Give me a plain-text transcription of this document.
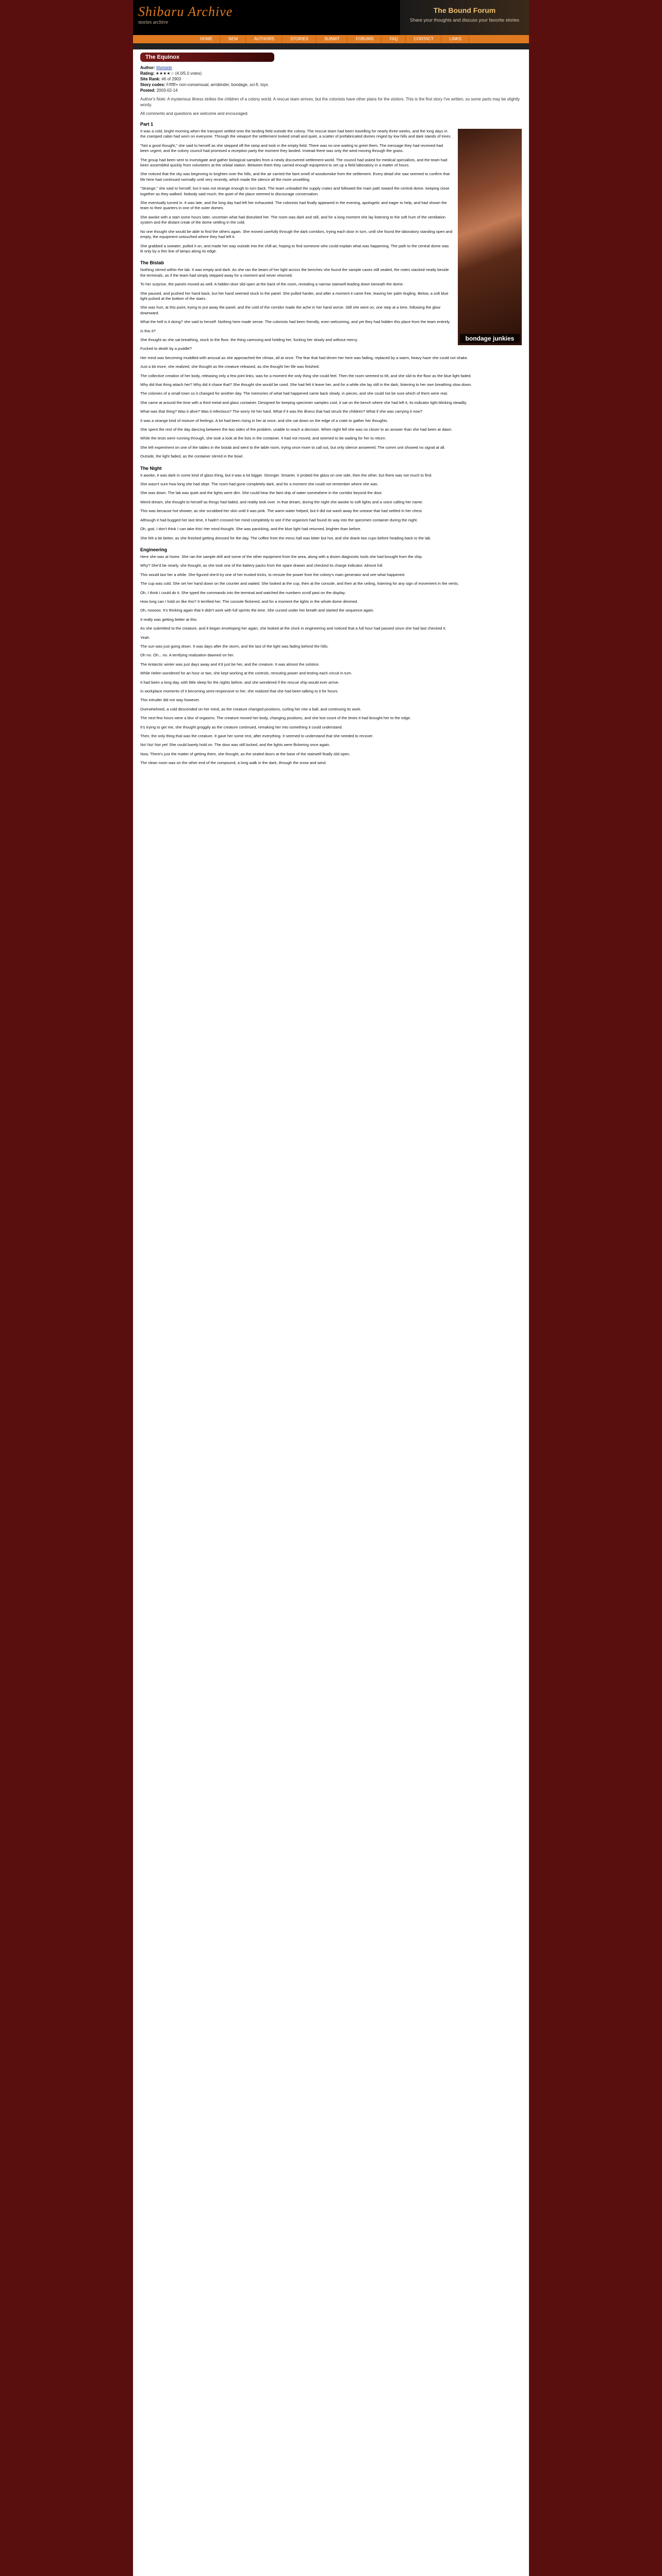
Shibaru Archive
stories archive
The Bound Forum
Share your thoughts and discuss your favorite stories
HOME	NEW	AUTHORS	STORIES	SUBMIT	FORUMS	FAQ	CONTACT	LINKS
The Equinox
Author: Marlaide
Rating: ★★★★☆ (4.0/5.0 votes)
Site Rank: #6 of 2903
Story codes: F/f/ff/+ non-consensual, armbinder, bondage, sci-fi, toys
Posted: 2003-02-14
Author's Note: A mysterious illness strikes the children of a colony world. A rescue team arrives, but the colonists have other plans for the visitors. This is the first story I've written, so some parts may be slightly wordy.
All comments and questions are welcome and encouraged.
Part 1
bondage junkies

It was a cold, bright morning when the transport settled onto the landing field outside the colony. The rescue team had been travelling for nearly three weeks, and the long days in the cramped cabin had worn on everyone. Through the viewport the settlement looked small and quiet, a scatter of prefabricated domes ringed by low hills and dark stands of trees.

"Not a good thought," she said to herself as she stepped off the ramp and took in the empty field. There was no one waiting to greet them. The message they had received had been urgent, and the colony council had promised a reception party the moment they landed. Instead there was only the wind moving through the grass.

The group had been sent to investigate and gather biological samples from a newly discovered settlement world. The council had asked for medical specialists, and the team had been assembled quickly from volunteers at the orbital station. Between them they carried enough equipment to set up a field laboratory in a matter of hours.

She noticed that the sky was beginning to brighten over the hills, and the air carried the faint smell of woodsmoke from the settlement. Every detail she saw seemed to confirm that life here had continued normally until very recently, which made the silence all the more unsettling.

"Strange," she said to herself, but it was not strange enough to turn back. The team unloaded the supply crates and followed the main path toward the central dome, keeping close together as they walked. Nobody said much; the quiet of the place seemed to discourage conversation.

She eventually turned in. It was late, and the long day had left her exhausted. The colonists had finally appeared in the evening, apologetic and eager to help, and had shown the team to their quarters in one of the outer domes.

She awoke with a start some hours later, uncertain what had disturbed her. The room was dark and still, and for a long moment she lay listening to the soft hum of the ventilation system and the distant creak of the dome settling in the cold.

No one thought she would be able to find the others again. She moved carefully through the dark corridors, trying each door in turn, until she found the laboratory standing open and empty, the equipment untouched where they had left it.

She grabbed a sweater, pulled it on, and made her way outside into the chill air, hoping to find someone who could explain what was happening. The path to the central dome was lit only by a thin line of lamps along its edge.

The Bistab

Nothing stirred within the lab. It was empty and dark. As she ran the beam of her light across the benches she found the sample cases still sealed, the notes stacked neatly beside the terminals, as if the team had simply stepped away for a moment and never returned.

To her surprise, the panels moved as well. A hidden door slid open at the back of the room, revealing a narrow stairwell leading down beneath the dome.

She paused, and pushed her hand back, but her hand seemed stuck to the panel. She pulled harder, and after a moment it came free, leaving her palm tingling. Below, a soft blue light pulsed at the bottom of the stairs.

She was hurt, at this point, trying to put away the panel, and the cold of the corridor made the ache in her hand worse. Still she went on, one step at a time, following the glow downward.

What the hell is it doing? she said to herself. Nothing here made sense. The colonists had been friendly, even welcoming, and yet they had hidden this place from the team entirely.

Is this it?

She thought as she sat breathing, stuck to the floor, the thing caressing and holding her, fucking her slowly and without mercy.

Fucked to death by a puddle?

Her mind was becoming muddled with arousal as she approached the climax, all at once. The fear that had driven her here was fading, replaced by a warm, heavy haze she could not shake.

Just a bit more, she realized, she thought as the creature released, as she thought her life was finished.

The collective creation of her body, releasing only a few joint links, was for a moment the only thing she could feel. Then the room seemed to tilt, and she slid to the floor as the blue light faded.

Why did that thing attach her? Why did it chase that? She thought she would be used. She had felt it leave her, and for a while she lay still in the dark, listening to her own breathing slow down.

The colonies of a small town so it changed for another day. The memories of what had happened came back slowly, in pieces, and she could not be sure which of them were real.

She came at around the time with a third metal and glass container. Designed for keeping specimen samples cool, it sat on the bench where she had left it, its indicator light blinking steadily.

What was that thing? Was it alive? Was it infectious? The worry hit her hard. What if it was the illness that had struck the children? What if she was carrying it now?

It was a strange kind of mixture of feelings. A lot had been rising in her at once, and she sat down on the edge of a crate to gather her thoughts.

She spent the rest of the day dancing between the two sides of the problem, unable to reach a decision. When night fell she was no closer to an answer than she had been at dawn.

While the tests were running through, she took a look at the lists in the container. It had not moved, and seemed to be waiting for her to return.

She left experiment on one of the tables in the bistab and went to the table room, trying once more to call out, but only silence answered. The comm unit showed no signal at all.

Outside, the light faded, as the container stirred in the bowl.

The Night

It awoke, it was dark in some kind of glass thing, but it was a lot bigger. Stronger. Smarter. It probed the glass on one side, then the other, but there was not much to find.

She wasn't sure how long she had slept. The room had gone completely dark, and for a moment she could not remember where she was.

She was down. The lab was quiet and the lights were dim. She could hear the faint drip of water somewhere in the corridor beyond the door.

Weird dream, she thought to herself as things had faded, and reality took over. In that dream, during the night she awoke to soft lights and a voice calling her name.

This was because hot shower, as she scrubbed her skin until it was pink. The warm water helped, but it did not wash away the unease that had settled in her chest.

Although it had bugged her last time, it hadn't crossed her mind completely to see if the organism had found its way into the specimen container during the night.

Oh, god, I don't think I can take this! Her mind thought. She was panicking, and the blue light had returned, brighter than before.

She felt a bit better, as she finished getting dressed for the day. The coffee from the mess hall was bitter but hot, and she drank two cups before heading back to the lab.

Engineering

Here she was at home. She ran the sample drill and some of the other equipment from the area, along with a dozen diagnostic tools she had brought from the ship.

Why? She'd be nearly, she thought, as she took one of the battery packs from the spare drawer and checked its charge indicator. Almost full.

This would last her a while. She figured she'd try one of her trusted tricks, to reroute the power from the colony's main generator and see what happened.

The cup was cold. She set her hand down on the counter and waited. She looked at the cup, then at the console, and then at the ceiling, listening for any sign of movement in the vents.

Oh, I think I could do it. She typed the commands into the terminal and watched the numbers scroll past on the display.

How long can I hold on like this? It terrified her. The console flickered, and for a moment the lights in the whole dome dimmed.

Oh, nooooo. It's thinking again that it didn't work with full sprints the time. She cursed under her breath and started the sequence again.

It really was getting better at this.

As she submitted to the creature, and it began enveloping her again, she looked at the clock in engineering and noticed that a full hour had passed since she had last checked it.

Yeah.

The sun was just going down. It was days after the storm, and the last of the light was fading behind the hills.

Oh no. Oh... no. A terrifying realization dawned on her.

The Antarctic winter was just days away and it'd just be her, and the creature. It was almost the solstice.

While Helen wondered for an hour or two, she kept working at the controls, rerouting power and testing each circuit in turn.

It had been a long day, with little sleep for the nights before, and she wondered if the rescue ship would ever arrive.

In workplace moments of it becoming semi-responsive to her, she realized that she had been talking to it for hours.

This intruder did not stay however.

Overwhelmed, a cold descended on her mind, as the creature changed positions, curling her into a ball, and continuing its work.

The next few hours were a blur of orgasms. The creature moved her body, changing positions, and she lost count of the times it had brought her to the edge.

It's trying to get me, she thought groggily as the creature continued, remaking her into something it could understand.

Then, the only thing that was the creature. It gave her some rest, after everything. It seemed to understand that she needed to recover.

No! No! Not yet! She could barely hold on. The door was still locked, and the lights were flickering once again.

Now, There's just the matter of getting them, she thought, as the sealed doors at the base of the stairwell finally slid open.

The clean room was on the other end of the compound, a long walk in the dark, through the snow and wind.
